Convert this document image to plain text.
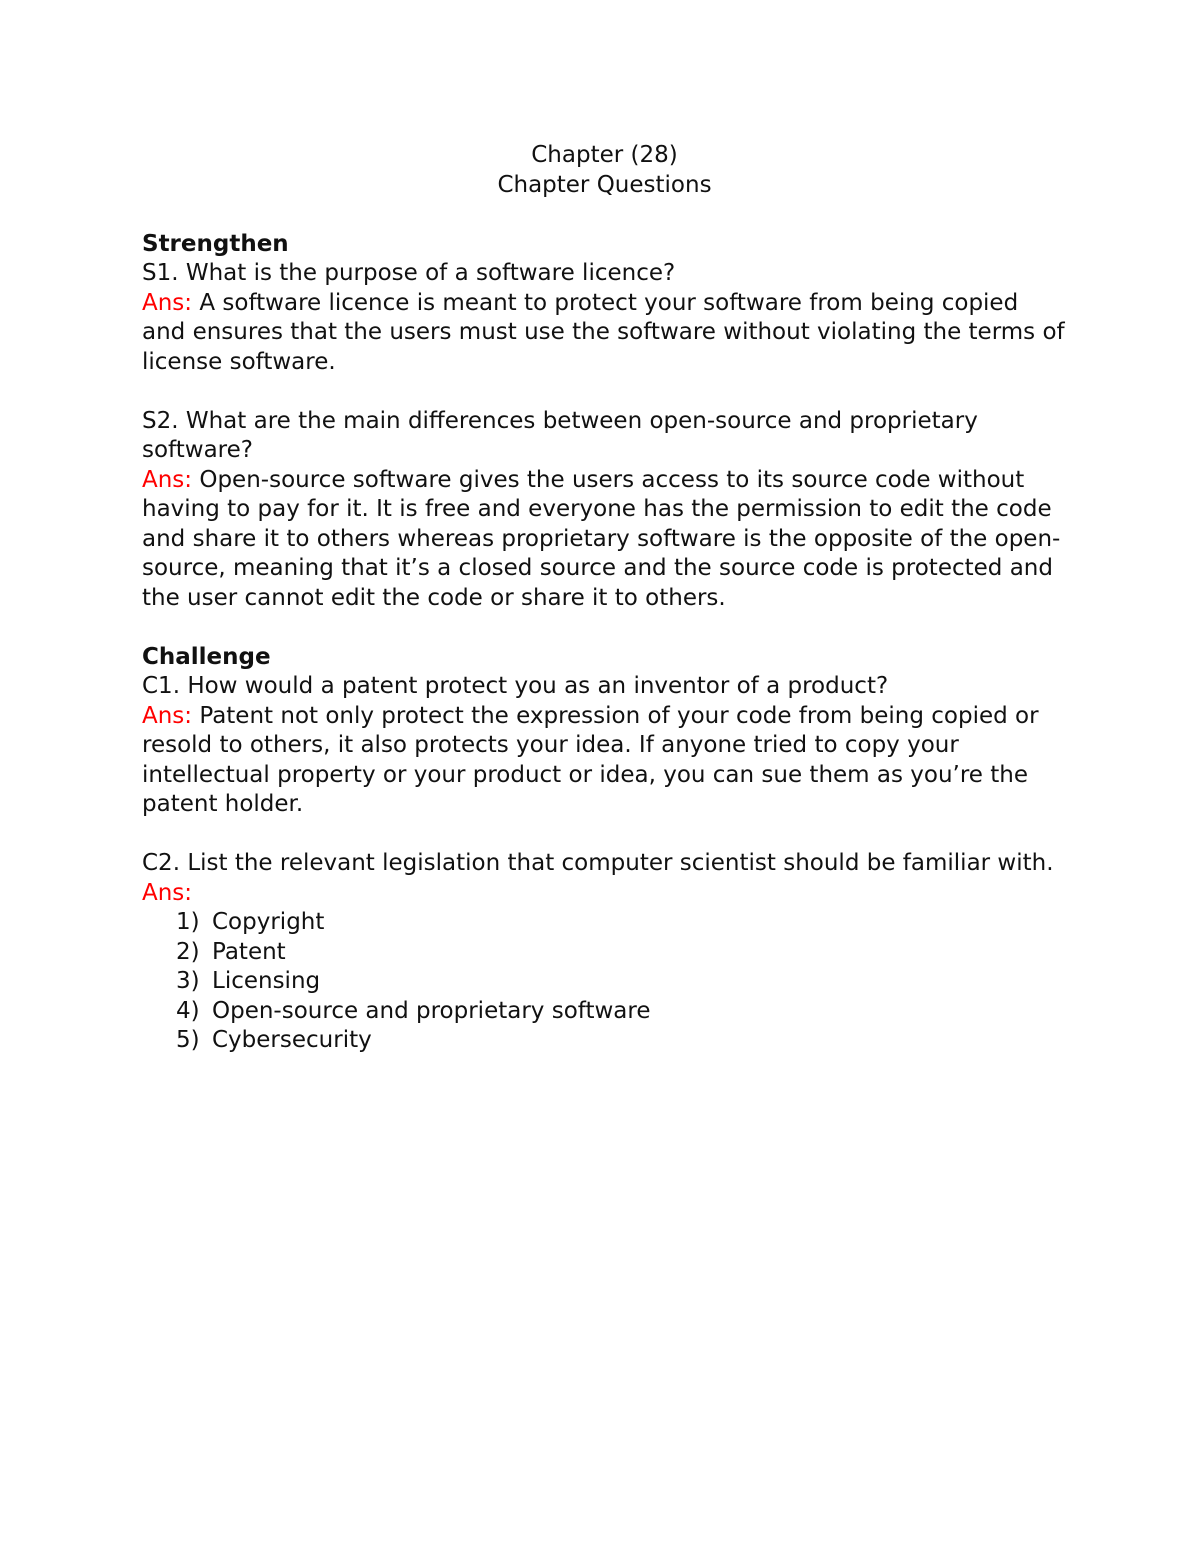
Chapter (28)

Chapter Questions

Strengthen

S1. What is the purpose of a software licence?

Ans: A software licence is meant to protect your software from being copied and ensures that the users must use the software without violating the terms of license software.

S2. What are the main differences between open-source and proprietary software?

Ans: Open-source software gives the users access to its source code without having to pay for it. It is free and everyone has the permission to edit the code and share it to others whereas proprietary software is the opposite of the open-source, meaning that it’s a closed source and the source code is protected and the user cannot edit the code or share it to others.

Challenge

C1. How would a patent protect you as an inventor of a product?

Ans: Patent not only protect the expression of your code from being copied or resold to others, it also protects your idea. If anyone tried to copy your intellectual property or your product or idea, you can sue them as you’re the patent holder.

C2. List the relevant legislation that computer scientist should be familiar with.

Ans:

1) Copyright
2) Patent
3) Licensing
4) Open-source and proprietary software
5) Cybersecurity
